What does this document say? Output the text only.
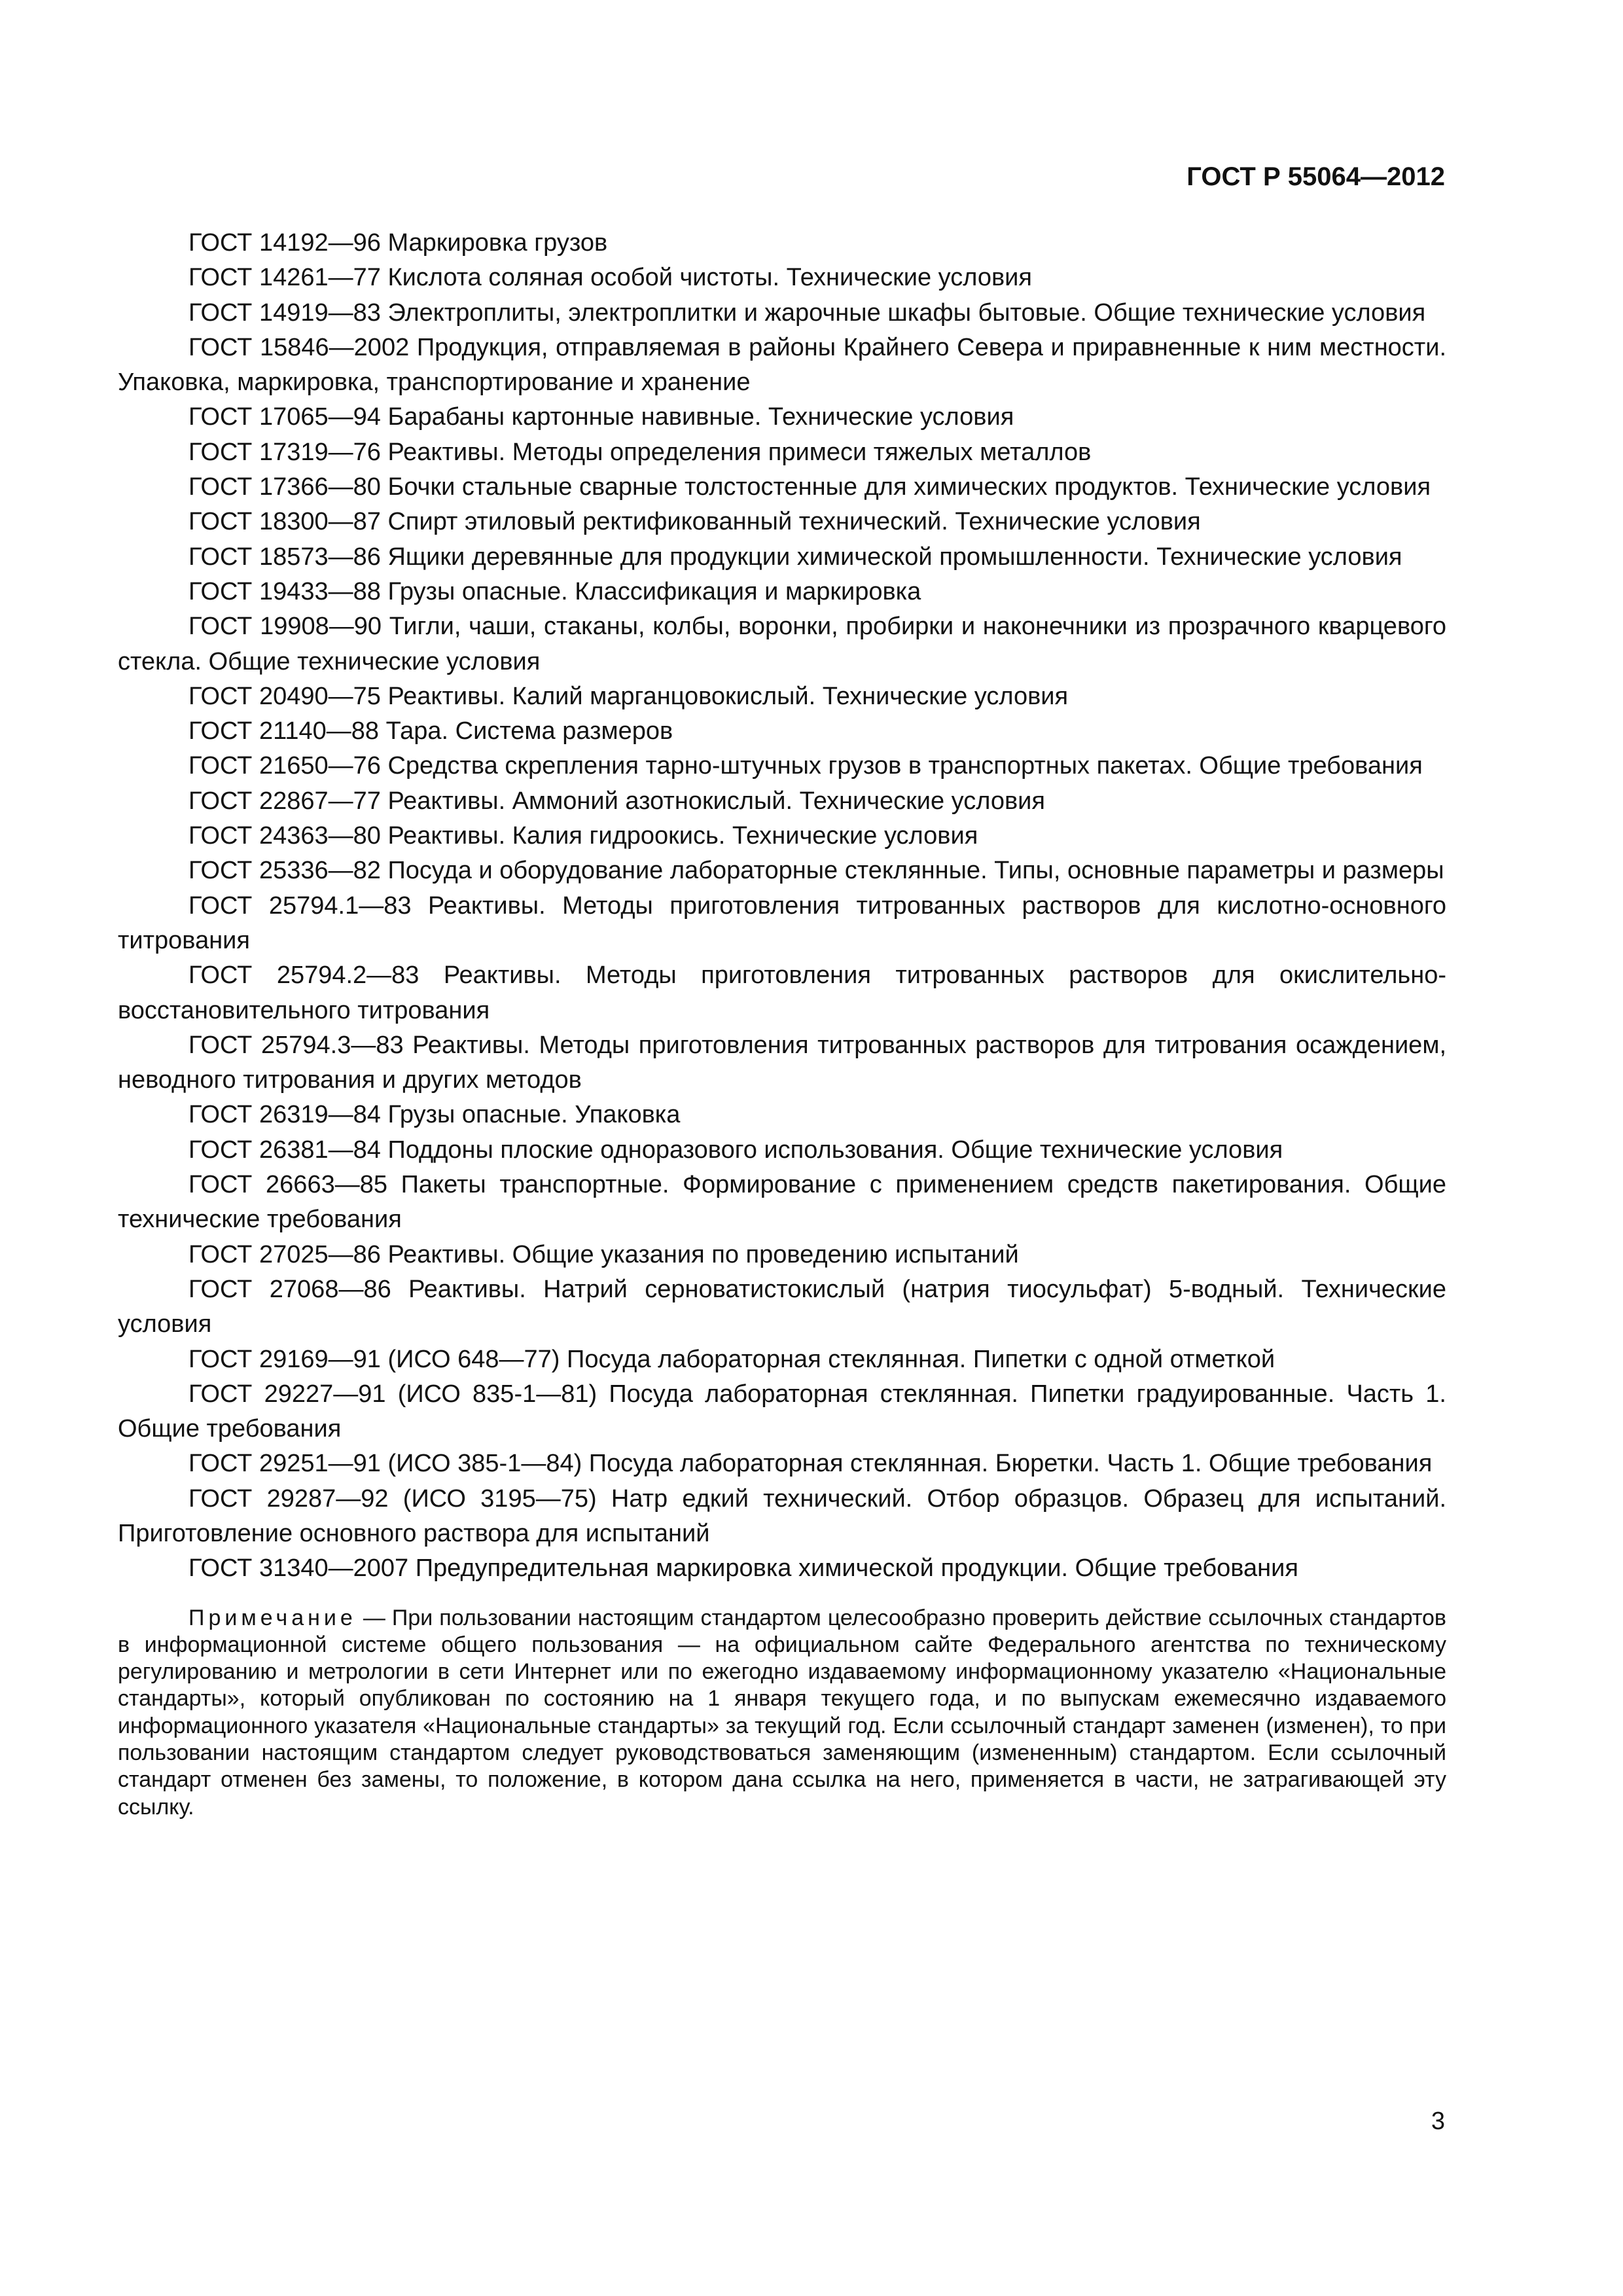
ГОСТ Р 55064—2012
ГОСТ 14192—96 Маркировка грузов
ГОСТ 14261—77 Кислота соляная особой чистоты. Технические условия
ГОСТ 14919—83 Электроплиты, электроплитки и жарочные шкафы бытовые. Общие технические условия
ГОСТ 15846—2002 Продукция, отправляемая в районы Крайнего Севера и приравненные к ним местности. Упаковка, маркировка, транспортирование и хранение
ГОСТ 17065—94 Барабаны картонные навивные. Технические условия
ГОСТ 17319—76 Реактивы. Методы определения примеси тяжелых металлов
ГОСТ 17366—80 Бочки стальные сварные толстостенные для химических продуктов. Технические условия
ГОСТ 18300—87 Спирт этиловый ректификованный технический. Технические условия
ГОСТ 18573—86 Ящики деревянные для продукции химической промышленности. Технические условия
ГОСТ 19433—88 Грузы опасные. Классификация и маркировка
ГОСТ 19908—90 Тигли, чаши, стаканы, колбы, воронки, пробирки и наконечники из прозрачного кварцевого стекла. Общие технические условия
ГОСТ 20490—75 Реактивы. Калий марганцовокислый. Технические условия
ГОСТ 21140—88 Тара. Система размеров
ГОСТ 21650—76 Средства скрепления тарно-штучных грузов в транспортных пакетах. Общие требования
ГОСТ 22867—77 Реактивы. Аммоний азотнокислый. Технические условия
ГОСТ 24363—80 Реактивы. Калия гидроокись. Технические условия
ГОСТ 25336—82 Посуда и оборудование лабораторные стеклянные. Типы, основные параметры и размеры
ГОСТ 25794.1—83 Реактивы. Методы приготовления титрованных растворов для кислотно-основного титрования
ГОСТ 25794.2—83 Реактивы. Методы приготовления титрованных растворов для окислительно-восстановительного титрования
ГОСТ 25794.3—83 Реактивы. Методы приготовления титрованных растворов для титрования осаждением, неводного титрования и других методов
ГОСТ 26319—84 Грузы опасные. Упаковка
ГОСТ 26381—84 Поддоны плоские одноразового использования. Общие технические условия
ГОСТ 26663—85 Пакеты транспортные. Формирование с применением средств пакетирования. Общие технические требования
ГОСТ 27025—86 Реактивы. Общие указания по проведению испытаний
ГОСТ 27068—86 Реактивы. Натрий серноватистокислый (натрия тиосульфат) 5-водный. Технические условия
ГОСТ 29169—91 (ИСО 648—77) Посуда лабораторная стеклянная. Пипетки с одной отметкой
ГОСТ 29227—91 (ИСО 835-1—81) Посуда лабораторная стеклянная. Пипетки градуированные. Часть 1. Общие требования
ГОСТ 29251—91 (ИСО 385-1—84) Посуда лабораторная стеклянная. Бюретки. Часть 1. Общие требования
ГОСТ 29287—92 (ИСО 3195—75) Натр едкий технический. Отбор образцов. Образец для испытаний. Приготовление основного раствора для испытаний
ГОСТ 31340—2007 Предупредительная маркировка химической продукции. Общие требования
Примечание — При пользовании настоящим стандартом целесообразно проверить действие ссылочных стандартов в информационной системе общего пользования — на официальном сайте Федерального агентства по техническому регулированию и метрологии в сети Интернет или по ежегодно издаваемому информационному указателю «Национальные стандарты», который опубликован по состоянию на 1 января текущего года, и по выпускам ежемесячно издаваемого информационного указателя «Национальные стандарты» за текущий год. Если ссылочный стандарт заменен (изменен), то при пользовании настоящим стандартом следует руководствоваться заменяющим (измененным) стандартом. Если ссылочный стандарт отменен без замены, то положение, в котором дана ссылка на него, применяется в части, не затрагивающей эту ссылку.
3
